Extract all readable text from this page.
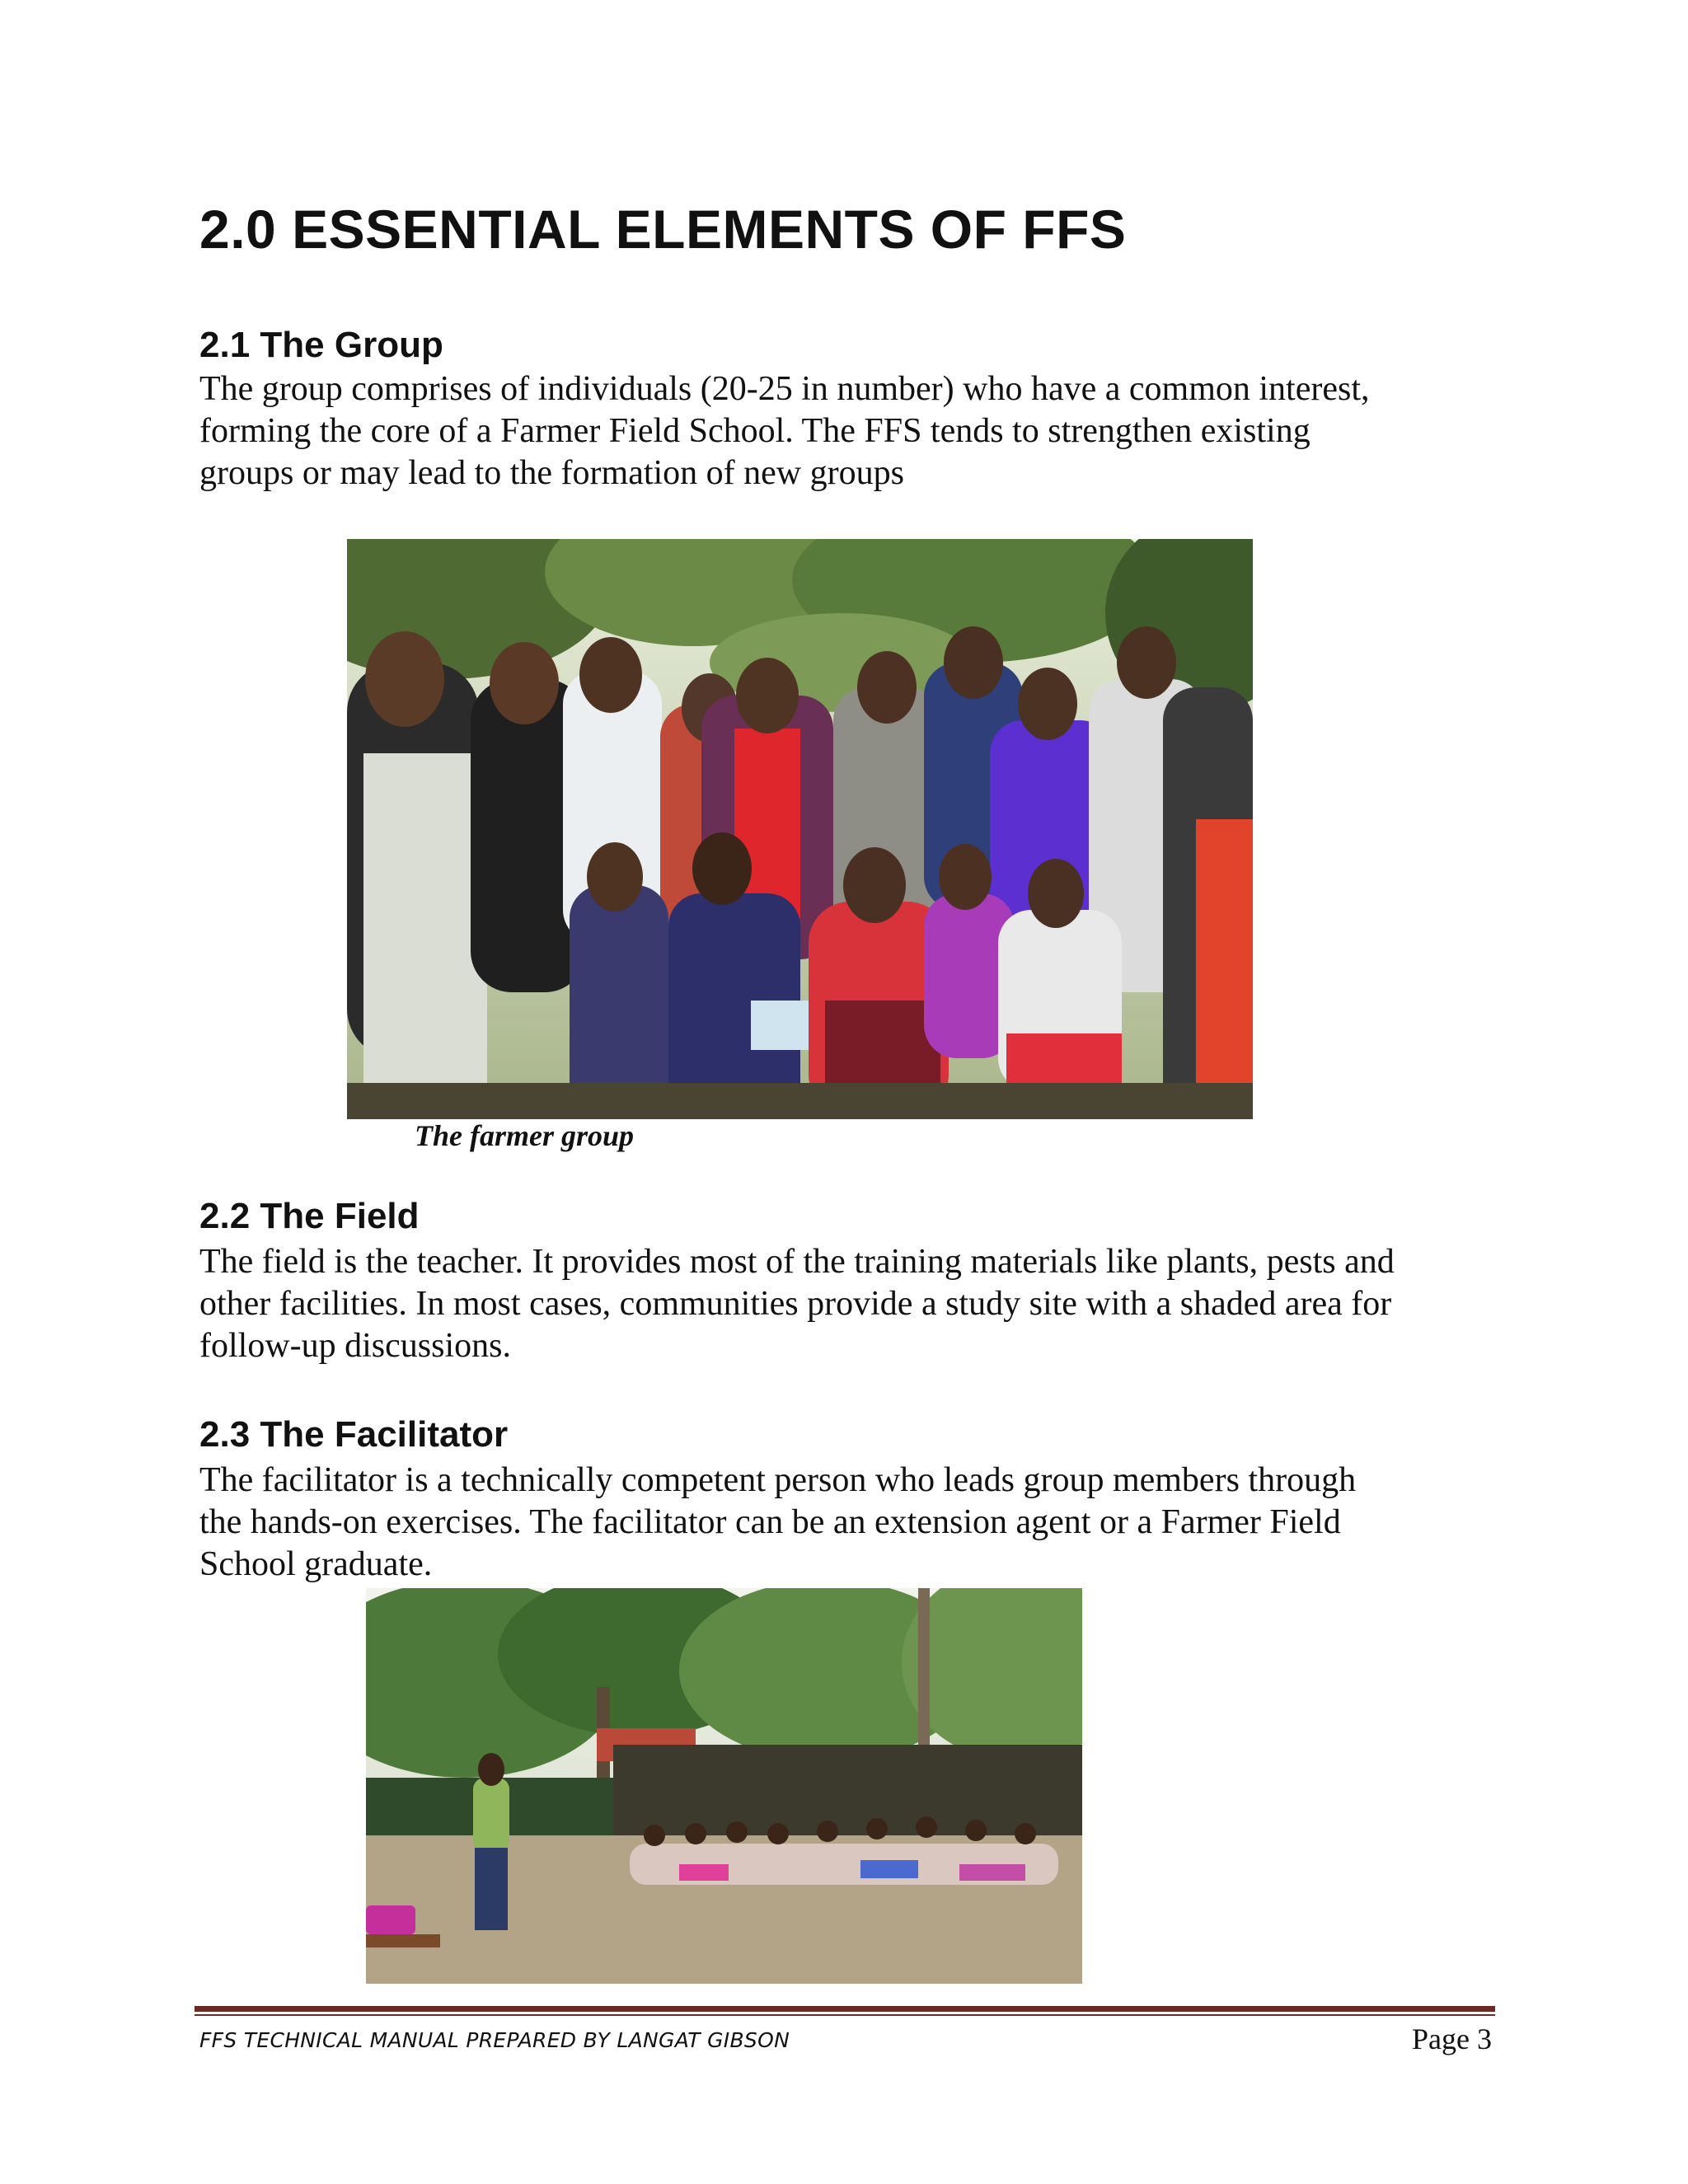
2.0 ESSENTIAL ELEMENTS OF FFS
2.1 The Group
The group comprises of individuals (20-25 in number) who have a common interest,
forming the core of a Farmer Field School. The FFS tends to strengthen existing
groups or may lead to the formation of new groups

The farmer group

2.2 The Field
The field is the teacher. It provides most of the training materials like plants, pests and
other facilities. In most cases, communities provide a study site with a shaded area for
follow-up discussions.
2.3 The Facilitator
The facilitator is a technically competent person who leads group members through
the hands-on exercises. The facilitator can be an extension agent or a Farmer Field
School graduate.

FFS TECHNICAL MANUAL PREPARED BY LANGAT GIBSON	Page 3
